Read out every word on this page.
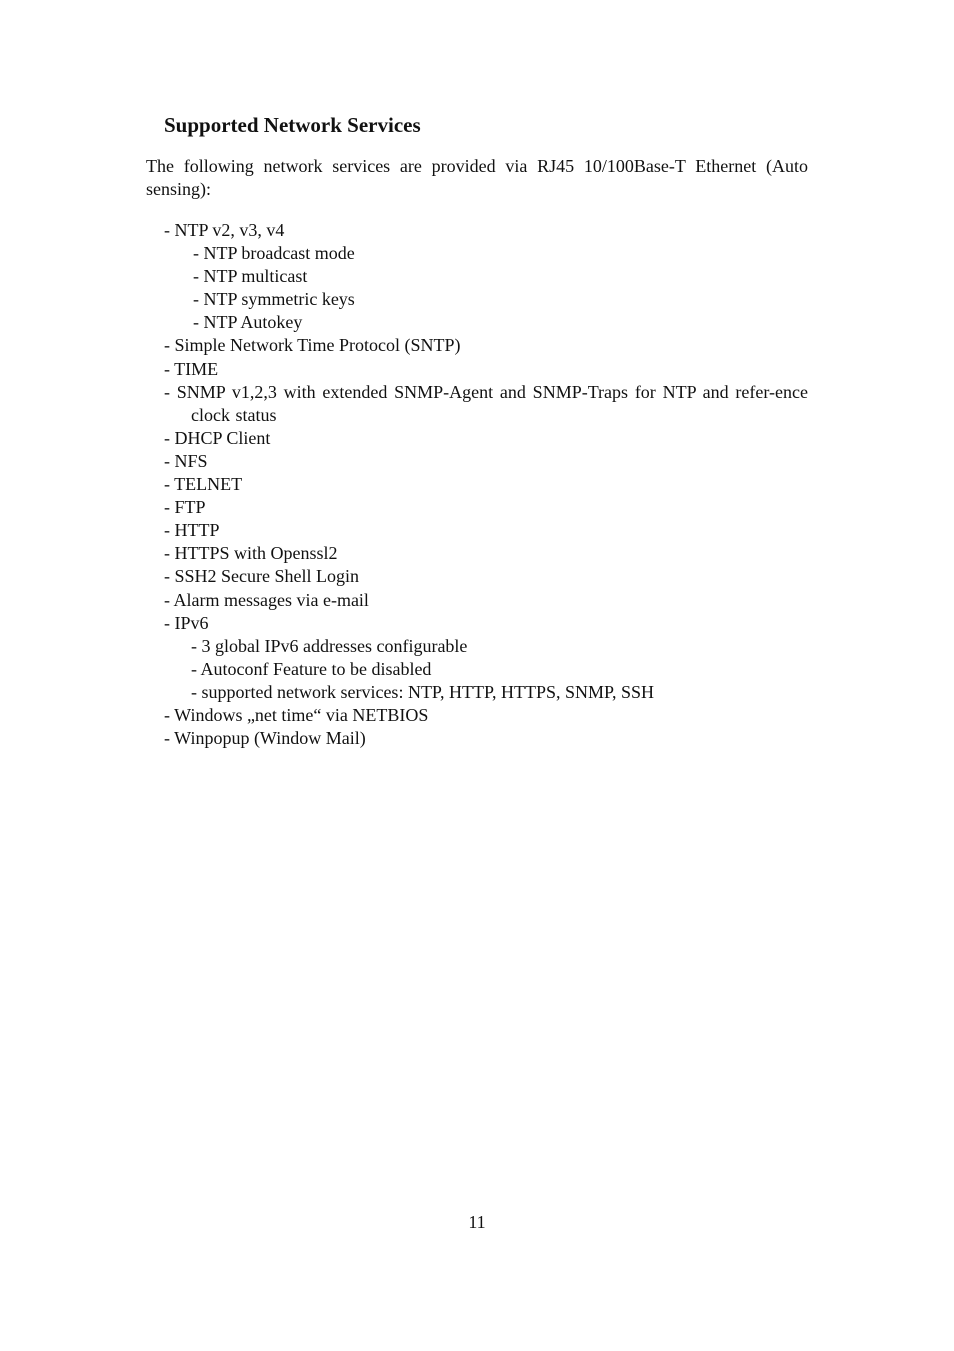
Supported Network Services

The following network services are provided via RJ45 10/100Base-T Ethernet (Auto sensing):

- NTP v2, v3, v4
- NTP broadcast mode
- NTP multicast
- NTP symmetric keys
- NTP Autokey
- Simple Network Time Protocol (SNTP)
- TIME
- SNMP v1,2,3 with extended SNMP-Agent and SNMP-Traps for NTP and refer-ence clock status
- DHCP Client
- NFS
- TELNET
- FTP
- HTTP
- HTTPS with Openssl2
- SSH2 Secure Shell Login
- Alarm messages via e-mail
- IPv6
- 3 global IPv6 addresses configurable
- Autoconf Feature to be disabled
- supported network services: NTP, HTTP, HTTPS, SNMP, SSH
- Windows „net time“ via NETBIOS
- Winpopup (Window Mail)
11
